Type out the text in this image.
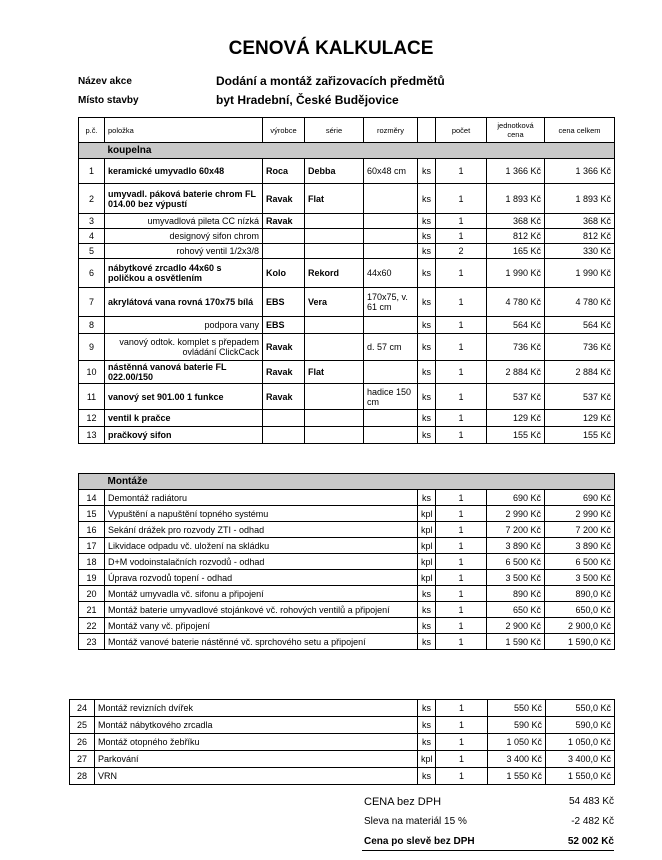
CENOVÁ KALKULACE
Název akce	Dodání a montáž zařizovacích předmětů
Místo stavby	byt Hradební, České Budějovice
p.č.	položka	výrobce	série	rozměry		počet	jednotková cena	cena celkem
	koupelna							
1	keramické umyvadlo 60x48	Roca	Debba	60x48 cm	ks	1	1 366 Kč	1 366 Kč
2	umyvadl. páková baterie chrom FL 014.00 bez výpustí	Ravak	Flat		ks	1	1 893 Kč	1 893 Kč
3	umyvadlová pileta CC nízká	Ravak			ks	1	368 Kč	368 Kč
4	designový sifon chrom				ks	1	812 Kč	812 Kč
5	rohový ventil 1/2x3/8				ks	2	165 Kč	330 Kč
6	nábytkové zrcadlo 44x60 s poličkou a osvětlením	Kolo	Rekord	44x60	ks	1	1 990 Kč	1 990 Kč
7	akrylátová vana rovná 170x75 bílá	EBS	Vera	170x75, v. 61 cm	ks	1	4 780 Kč	4 780 Kč
8	podpora vany	EBS			ks	1	564 Kč	564 Kč
9	vanový odtok. komplet s přepadem ovládání ClickCack	Ravak		d. 57 cm	ks	1	736 Kč	736 Kč
10	nástěnná vanová baterie FL 022.00/150	Ravak	Flat		ks	1	2 884 Kč	2 884 Kč
11	vanový set 901.00 1 funkce	Ravak		hadice 150 cm	ks	1	537 Kč	537 Kč
12	ventil k pračce				ks	1	129 Kč	129 Kč
13	pračkový sifon				ks	1	155 Kč	155 Kč
	Montáže				
14	Demontáž radiátoru	ks	1	690 Kč	690 Kč
15	Vypuštění a napuštění topného systému	kpl	1	2 990 Kč	2 990 Kč
16	Sekání drážek pro rozvody ZTI - odhad	kpl	1	7 200 Kč	7 200 Kč
17	Likvidace odpadu vč. uložení na skládku	kpl	1	3 890 Kč	3 890 Kč
18	D+M vodoinstalačních rozvodů - odhad	kpl	1	6 500 Kč	6 500 Kč
19	Úprava rozvodů topení - odhad	kpl	1	3 500 Kč	3 500 Kč
20	Montáž umyvadla vč. sifonu a připojení	ks	1	890 Kč	890,0 Kč
21	Montáž baterie umyvadlové stojánkové vč. rohových ventilů a připojení	ks	1	650 Kč	650,0 Kč
22	Montáž vany vč. připojení	ks	1	2 900 Kč	2 900,0 Kč
23	Montáž vanové baterie nástěnné vč. sprchového setu a připojení	ks	1	1 590 Kč	1 590,0 Kč
24	Montáž revizních dvířek	ks	1	550 Kč	550,0 Kč
25	Montáž nábytkového zrcadla	ks	1	590 Kč	590,0 Kč
26	Montáž otopného žebříku	ks	1	1 050 Kč	1 050,0 Kč
27	Parkování	kpl	1	3 400 Kč	3 400,0 Kč
28	VRN	ks	1	1 550 Kč	1 550,0 Kč
CENA bez DPH	54 483 Kč
Sleva na materiál 15 %	-2 482 Kč
Cena po slevě bez DPH	52 002 Kč
